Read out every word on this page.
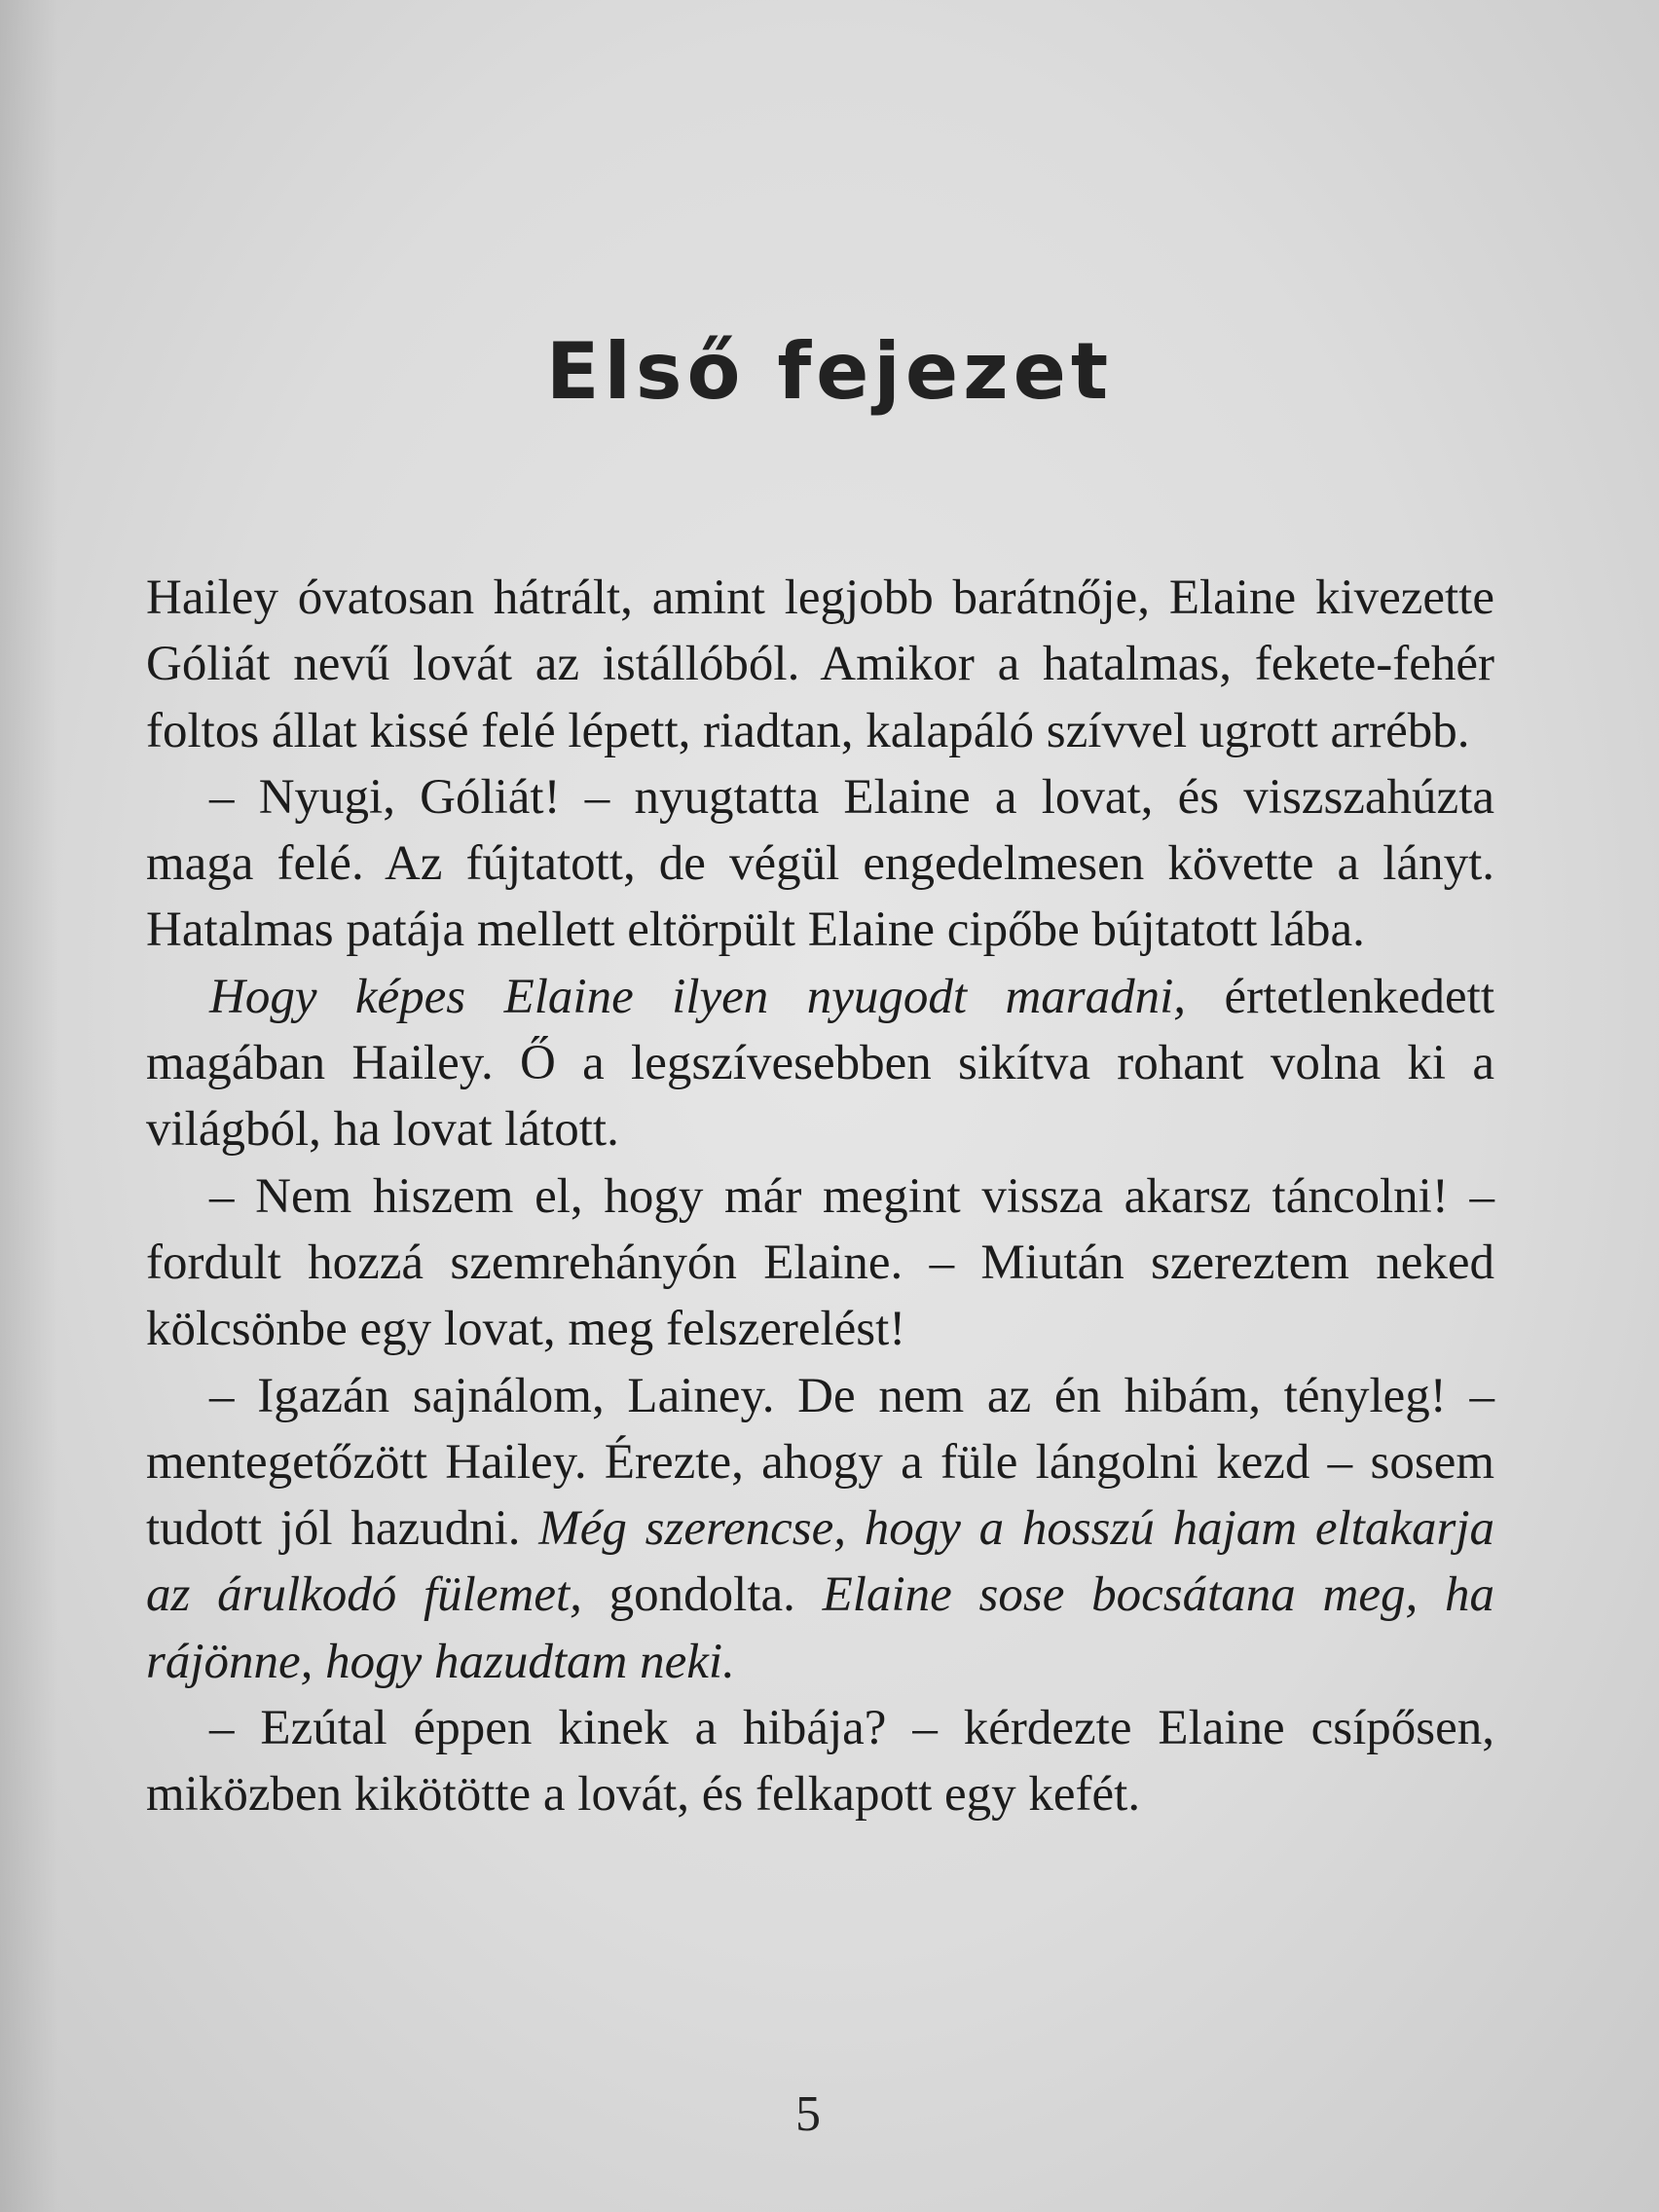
Első fejezet

Hailey óvatosan hátrált, amint legjobb barátnője, Elaine kivezette Góliát nevű lovát az istállóból. Amikor a hatalmas, fekete-fehér foltos állat kissé felé lépett, riadtan, kalapáló szívvel ugrott arrébb.

– Nyugi, Góliát! – nyugtatta Elaine a lovat, és viszszahúzta maga felé. Az fújtatott, de végül engedelmesen követte a lányt. Hatalmas patája mellett eltörpült Elaine cipőbe bújtatott lába.

Hogy képes Elaine ilyen nyugodt maradni, értetlenkedett magában Hailey. Ő a legszívesebben sikítva rohant volna ki a világból, ha lovat látott.

– Nem hiszem el, hogy már megint vissza akarsz táncolni! – fordult hozzá szemrehányón Elaine. – Miután szereztem neked kölcsönbe egy lovat, meg felszerelést!

– Igazán sajnálom, Lainey. De nem az én hibám, tényleg! – mentegetőzött Hailey. Érezte, ahogy a füle lángolni kezd – sosem tudott jól hazudni. Még szerencse, hogy a hosszú hajam eltakarja az árulkodó fülemet, gondolta. Elaine sose bocsátana meg, ha rájönne, hogy hazudtam neki.

– Ezútal éppen kinek a hibája? – kérdezte Elaine csípősen, miközben kikötötte a lovát, és felkapott egy kefét.

5
